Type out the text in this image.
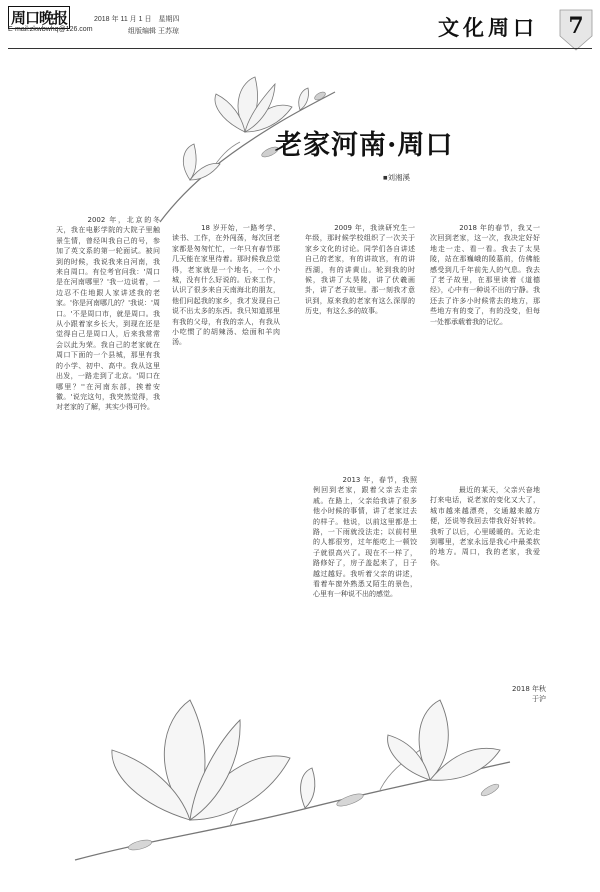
周口晚报
E-mail:zkwbwhq@126.com
2018 年 11 月 1 日　星期四
组版编辑 王苏琼	文化周口	7
老家河南·周口
■刘湘溪

　　2002 年，北京的冬天，我在电影学院的大院子里触景生情，曾经叫我自己的号，参加了英文系的第一轮面试。被问到的时候，我说我来自河南，我来自周口。有位考官问我：'周口是在河南哪里？'我一边说着，一边忍不住地跟人家讲述我的老家。'你是河南哪几的？'我说：'周口。'不是周口市，就是周口。我从小跟着家乡长大，到现在还是觉得自己是周口人，后来我常常会以此为荣。我自己的老家就在周口下面的一个县城，那里有我的小学、初中、高中。我从这里出发，一路走到了北京。'周口在哪里？''在河南东部，挨着安徽。'说完这句，我突然觉得，我对老家的了解，其实少得可怜。

　　18 岁开始，一路考学、读书、工作，在外闯荡，每次回老家都是匆匆忙忙，一年只有春节那几天能在家里待着。那时候我总觉得，老家就是一个地名，一个小城，没有什么好说的。后来工作，认识了很多来自天南海北的朋友，他们问起我的家乡，我才发现自己说不出太多的东西。我只知道那里有我的父母，有我的亲人，有我从小吃惯了的胡辣汤、烩面和羊肉汤。

　　2009 年，我读研究生一年级，那时候学校组织了一次关于家乡文化的讨论。同学们各自讲述自己的老家，有的讲故宫，有的讲西湖，有的讲黄山。轮到我的时候，我讲了太昊陵，讲了伏羲画卦，讲了老子故里。那一刻我才意识到，原来我的老家有这么深厚的历史，有这么多的故事。

　　2013 年，春节，我照例回到老家，跟着父亲去走亲戚。在路上，父亲给我讲了很多他小时候的事情，讲了老家过去的样子。他说，以前这里都是土路，一下雨就没法走；以前村里的人都很穷，过年能吃上一顿饺子就很高兴了。现在不一样了，路修好了，房子盖起来了，日子越过越好。我听着父亲的讲述，看着车窗外熟悉又陌生的景色，心里有一种说不出的感觉。

　　2018 年的春节，我又一次回到老家，这一次，我决定好好地走一走、看一看。我去了太昊陵，站在那巍峨的陵墓前，仿佛能感受到几千年前先人的气息。我去了老子故里，在那里读着《道德经》，心中有一种说不出的宁静。我还去了许多小时候常去的地方，那些地方有的变了，有的没变，但每一处都承载着我的记忆。

　　最近的某天，父亲兴奋地打来电话，说老家的变化又大了，城市越来越漂亮，交通越来越方便，还说等我回去带我好好转转。我听了以后，心里暖暖的。无论走到哪里，老家永远是我心中最柔软的地方。周口，我的老家，我爱你。

2018 年秋
于沪
